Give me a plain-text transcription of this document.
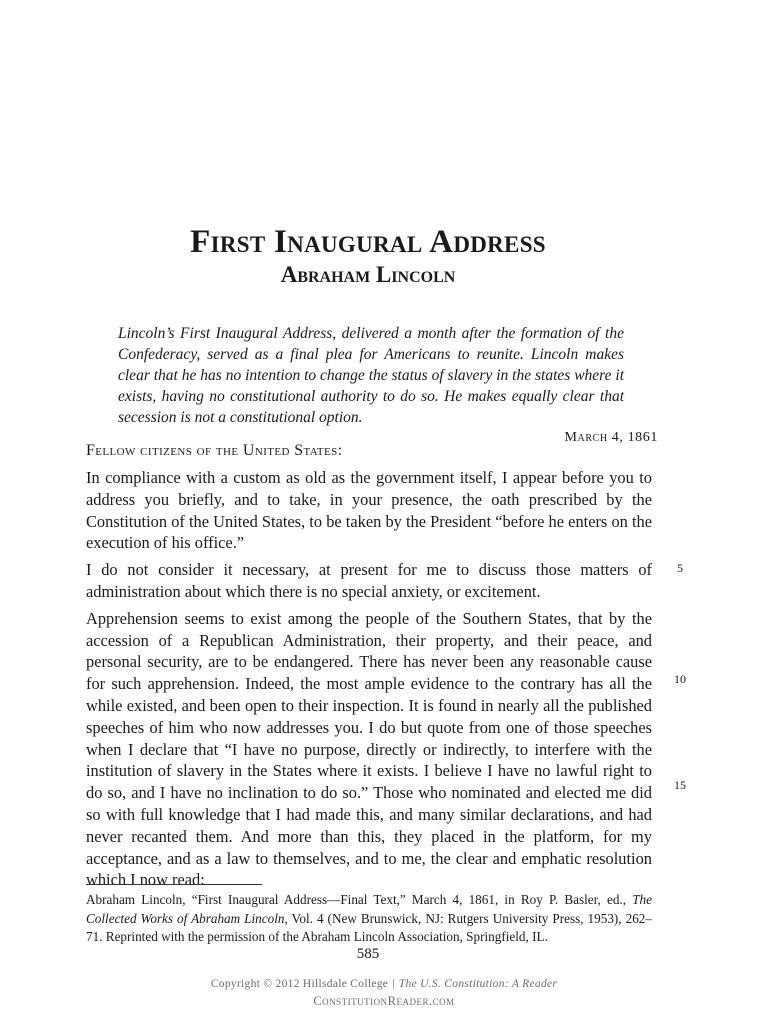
First Inaugural Address
Abraham Lincoln

Lincoln’s First Inaugural Address, delivered a month after the formation of the Confederacy, served as a final plea for Americans to reunite. Lincoln makes clear that he has no intention to change the status of slavery in the states where it exists, having no constitutional authority to do so. He makes equally clear that secession is not a constitutional option.

March 4, 1861
Fellow citizens of the United States:

In compliance with a custom as old as the government itself, I appear before you to address you briefly, and to take, in your presence, the oath prescribed by the Constitution of the United States, to be taken by the President “before he enters on the execution of his office.”

I do not consider it necessary, at present for me to discuss those matters of administration about which there is no special anxiety, or excitement.

Apprehension seems to exist among the people of the Southern States, that by the accession of a Republican Administration, their property, and their peace, and personal security, are to be endangered. There has never been any reasonable cause for such apprehension. Indeed, the most ample evidence to the contrary has all the while existed, and been open to their inspection. It is found in nearly all the published speeches of him who now addresses you. I do but quote from one of those speeches when I declare that “I have no purpose, directly or indirectly, to interfere with the institution of slavery in the States where it exists. I believe I have no lawful right to do so, and I have no inclination to do so.” Those who nominated and elected me did so with full knowledge that I had made this, and many similar declarations, and had never recanted them. And more than this, they placed in the platform, for my acceptance, and as a law to themselves, and to me, the clear and emphatic resolution which I now read:

5
10
15

Abraham Lincoln, “First Inaugural Address—Final Text,” March 4, 1861, in Roy P. Basler, ed., The Collected Works of Abraham Lincoln, Vol. 4 (New Brunswick, NJ: Rutgers University Press, 1953), 262–71. Reprinted with the permission of the Abraham Lincoln Association, Springfield, IL.

585
Copyright © 2012 Hillsdale College | The U.S. Constitution: A Reader
ConstitutionReader.com
